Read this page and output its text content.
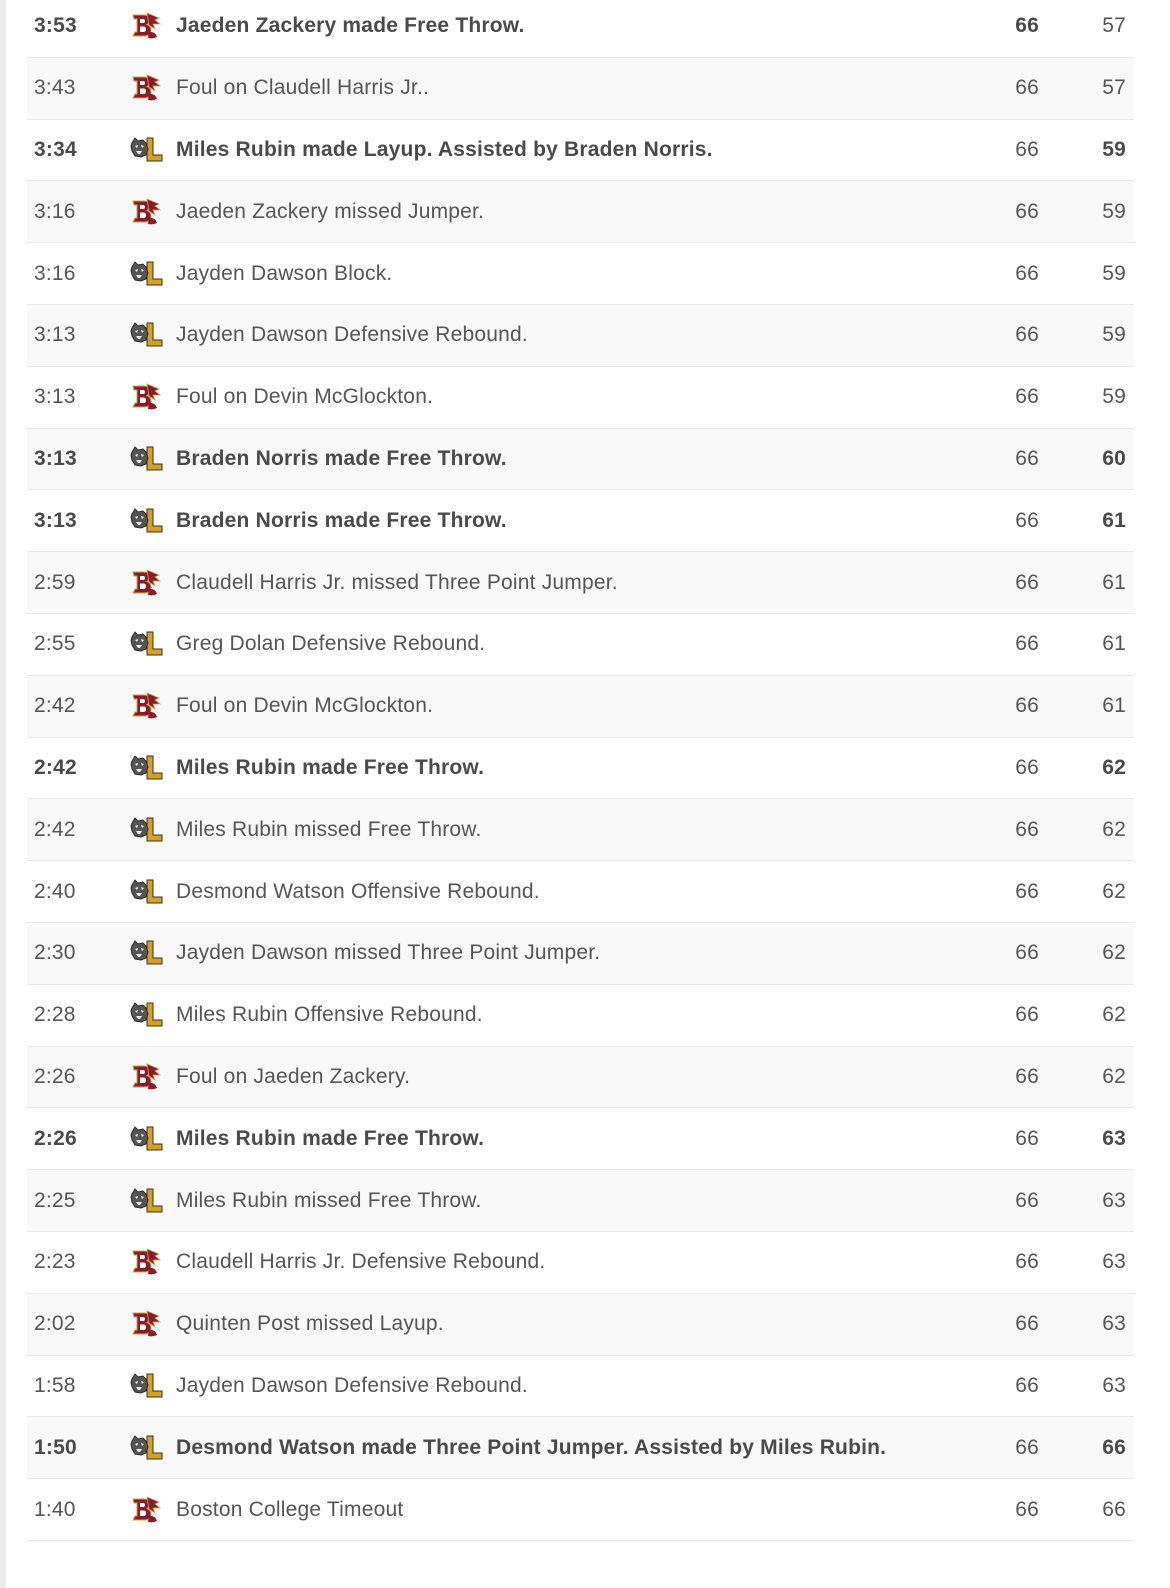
3:53	Jaeden Zackery made Free Throw.	66	57
3:43	Foul on Claudell Harris Jr..	66	57
3:34	Miles Rubin made Layup. Assisted by Braden Norris.	66	59
3:16	Jaeden Zackery missed Jumper.	66	59
3:16	Jayden Dawson Block.	66	59
3:13	Jayden Dawson Defensive Rebound.	66	59
3:13	Foul on Devin McGlockton.	66	59
3:13	Braden Norris made Free Throw.	66	60
3:13	Braden Norris made Free Throw.	66	61
2:59	Claudell Harris Jr. missed Three Point Jumper.	66	61
2:55	Greg Dolan Defensive Rebound.	66	61
2:42	Foul on Devin McGlockton.	66	61
2:42	Miles Rubin made Free Throw.	66	62
2:42	Miles Rubin missed Free Throw.	66	62
2:40	Desmond Watson Offensive Rebound.	66	62
2:30	Jayden Dawson missed Three Point Jumper.	66	62
2:28	Miles Rubin Offensive Rebound.	66	62
2:26	Foul on Jaeden Zackery.	66	62
2:26	Miles Rubin made Free Throw.	66	63
2:25	Miles Rubin missed Free Throw.	66	63
2:23	Claudell Harris Jr. Defensive Rebound.	66	63
2:02	Quinten Post missed Layup.	66	63
1:58	Jayden Dawson Defensive Rebound.	66	63
1:50	Desmond Watson made Three Point Jumper. Assisted by Miles Rubin.	66	66
1:40	Boston College Timeout	66	66
